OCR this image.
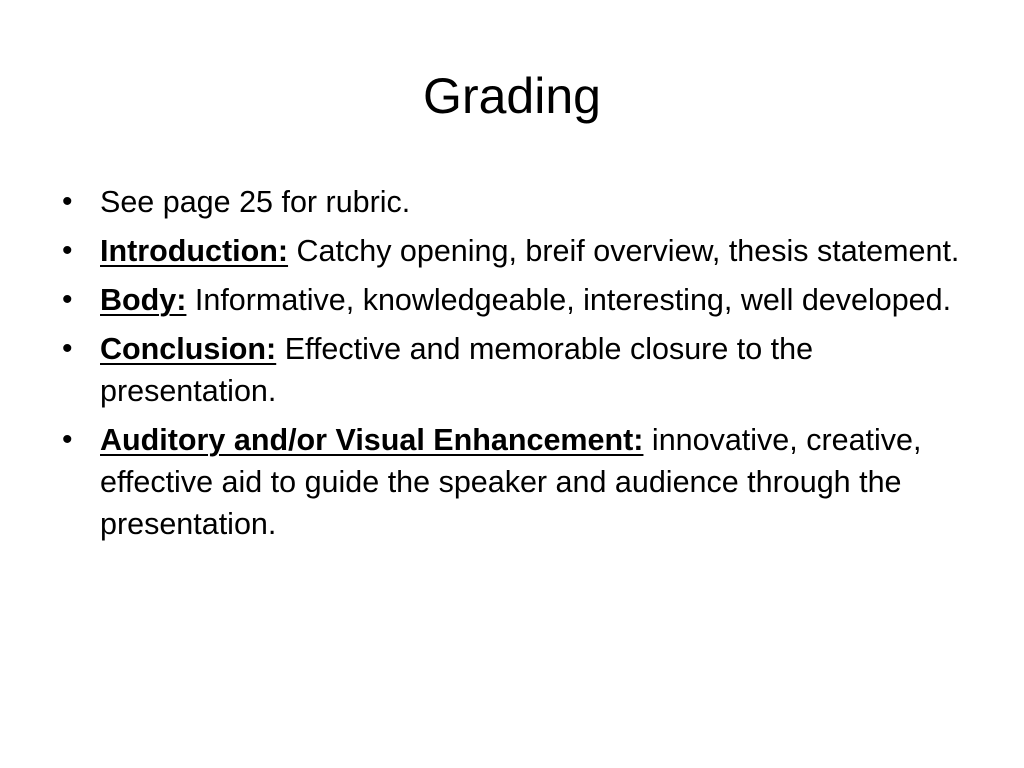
Grading
• See page 25 for rubric.
• Introduction: Catchy opening, breif overview, thesis statement.
• Body: Informative, knowledgeable, interesting, well developed.
• Conclusion: Effective and memorable closure to the presentation.
• Auditory and/or Visual Enhancement: innovative, creative, effective aid to guide the speaker and audience through the presentation.
